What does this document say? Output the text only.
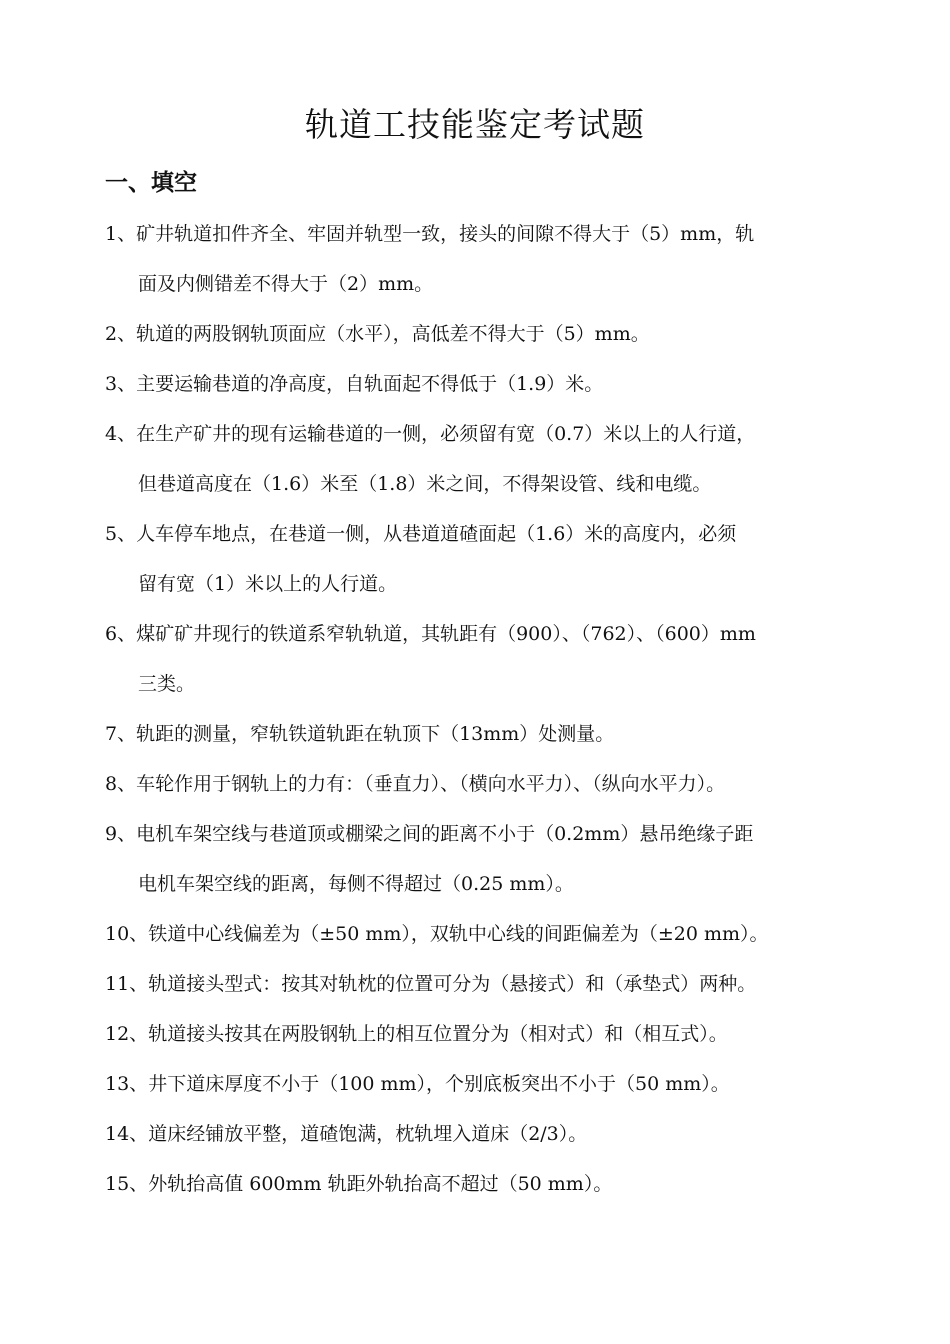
轨道工技能鉴定考试题
一、填空
1、矿井轨道扣件齐全、牢固并轨型一致，接头的间隙不得大于（5）mm，轨
面及内侧错差不得大于（2）mm。
2、轨道的两股钢轨顶面应（水平），高低差不得大于（5）mm。
3、主要运输巷道的净高度，自轨面起不得低于（1.9）米。
4、在生产矿井的现有运输巷道的一侧，必须留有宽（0.7）米以上的人行道，
但巷道高度在（1.6）米至（1.8）米之间，不得架设管、线和电缆。
5、人车停车地点，在巷道一侧，从巷道道碴面起（1.6）米的高度内，必须
留有宽（1）米以上的人行道。
6、煤矿矿井现行的铁道系窄轨轨道，其轨距有（900）、（762）、（600）mm
三类。
7、轨距的测量，窄轨铁道轨距在轨顶下（13mm）处测量。
8、车轮作用于钢轨上的力有：（垂直力）、（横向水平力）、（纵向水平力）。
9、电机车架空线与巷道顶或棚梁之间的距离不小于（0.2mm）悬吊绝缘子距
电机车架空线的距离，每侧不得超过（0.25 mm）。
10、铁道中心线偏差为（±50 mm），双轨中心线的间距偏差为（±20 mm）。
11、轨道接头型式：按其对轨枕的位置可分为（悬接式）和（承垫式）两种。
12、轨道接头按其在两股钢轨上的相互位置分为（相对式）和（相互式）。
13、井下道床厚度不小于（100 mm），个别底板突出不小于（50 mm）。
14、道床经铺放平整，道碴饱满，枕轨埋入道床（2/3）。
15、外轨抬高值 600mm 轨距外轨抬高不超过（50 mm）。
